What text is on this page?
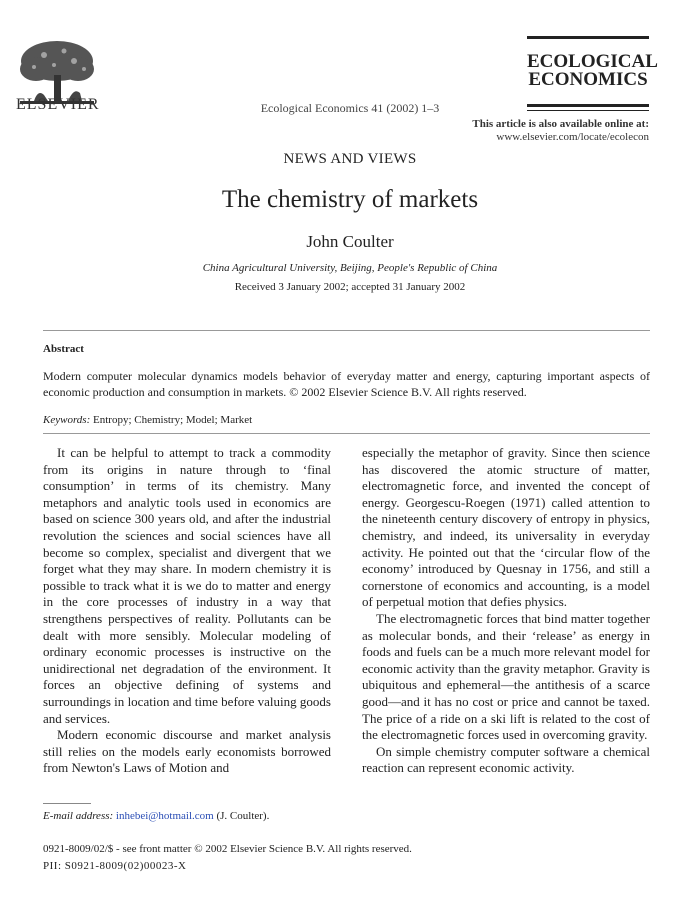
ELSEVIER	Ecological Economics 41 (2002) 1–3
ECOLOGICAL
ECONOMICS
This article is also available online at:
www.elsevier.com/locate/ecolecon
NEWS AND VIEWS
The chemistry of markets
John Coulter
China Agricultural University, Beijing, People's Republic of China
Received 3 January 2002; accepted 31 January 2002
Abstract
Modern computer molecular dynamics models behavior of everyday matter and energy, capturing important aspects of economic production and consumption in markets. © 2002 Elsevier Science B.V. All rights reserved.
Keywords: Entropy; Chemistry; Model; Market

It can be helpful to attempt to track a commodity from its origins in nature through to ‘final consumption’ in terms of its chemistry. Many metaphors and analytic tools used in economics are based on science 300 years old, and after the industrial revolution the sciences and social sciences have all become so complex, specialist and divergent that we forget what they may share. In modern chemistry it is possible to track what it is we do to matter and energy in the core processes of industry in a way that strengthens perspectives of reality. Pollutants can be dealt with more sensibly. Molecular modeling of ordinary economic processes is instructive on the unidirectional net degradation of the environment. It forces an objective defining of systems and surroundings in location and time before valuing goods and services.

Modern economic discourse and market analysis still relies on the models early economists borrowed from Newton's Laws of Motion and

especially the metaphor of gravity. Since then science has discovered the atomic structure of matter, electromagnetic force, and invented the concept of energy. Georgescu-Roegen (1971) called attention to the nineteenth century discovery of entropy in physics, chemistry, and indeed, its universality in everyday activity. He pointed out that the ‘circular flow of the economy’ introduced by Quesnay in 1756, and still a cornerstone of economics and accounting, is a model of perpetual motion that defies physics.

The electromagnetic forces that bind matter together as molecular bonds, and their ‘release’ as energy in foods and fuels can be a much more relevant model for economic activity than the gravity metaphor. Gravity is ubiquitous and ephemeral—the antithesis of a scarce good—and it has no cost or price and cannot be taxed. The price of a ride on a ski lift is related to the cost of the electromagnetic forces used in overcoming gravity.

On simple chemistry computer software a chemical reaction can represent economic activity.

E-mail address: inhebei@hotmail.com (J. Coulter).
0921-8009/02/$ - see front matter © 2002 Elsevier Science B.V. All rights reserved.
PII: S0921-8009(02)00023-X
